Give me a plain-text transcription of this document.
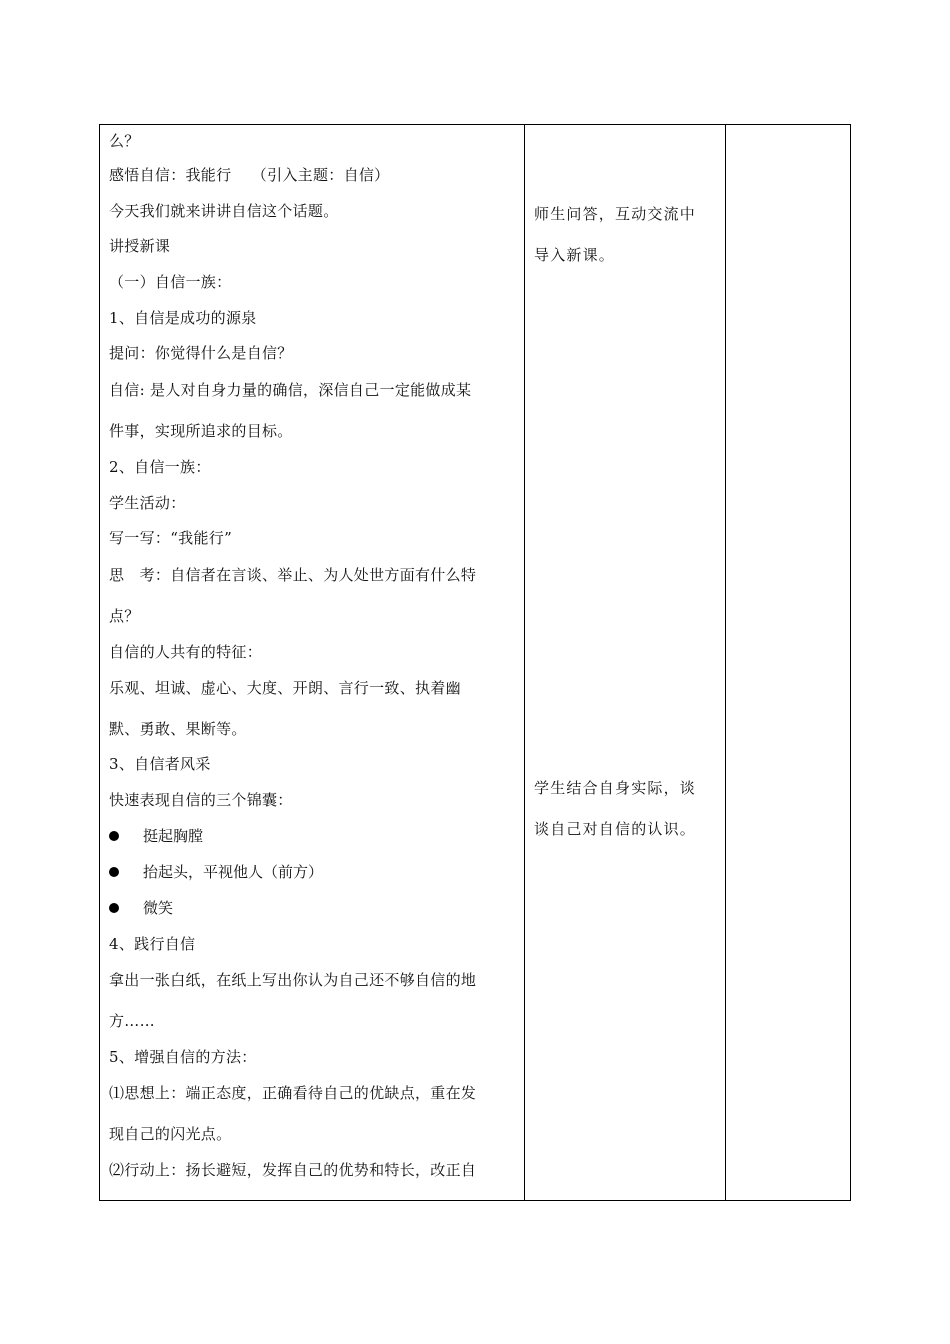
么？
感悟自信：我能行　 （引入主题：自信）
今天我们就来讲讲自信这个话题。
讲授新课
（一）自信一族：
1、自信是成功的源泉
提问：你觉得什么是自信？
自信: 是人对自身力量的确信，深信自己一定能做成某
件事，实现所追求的目标。
2、自信一族：
学生活动：
写一写：“我能行”
思　考：自信者在言谈、举止、为人处世方面有什么特
点？
自信的人共有的特征：
乐观、坦诚、虚心、大度、开朗、言行一致、执着幽
默、勇敢、果断等。
3、自信者风采
快速表现自信的三个锦囊：
挺起胸膛
抬起头，平视他人（前方）
微笑
4、践行自信
拿出一张白纸，在纸上写出你认为自己还不够自信的地
方……
5、增强自信的方法：
⑴思想上：端正态度，正确看待自己的优缺点，重在发
现自己的闪光点。
⑵行动上：扬长避短，发挥自己的优势和特长，改正自
师生问答，互动交流中
导入新课。
学生结合自身实际，谈
谈自己对自信的认识。
